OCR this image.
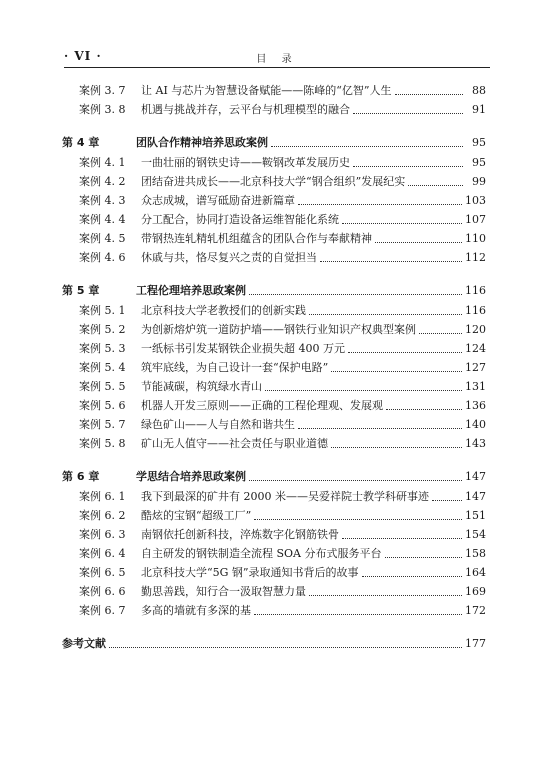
· VI ·	目 录
案例 3. 7	让 AI 与芯片为智慧设备赋能——陈峰的“亿智”人生	88
案例 3. 8	机遇与挑战并存，云平台与机理模型的融合	91
第 4 章	团队合作精神培养思政案例	95
案例 4. 1	一曲壮丽的钢铁史诗——鞍钢改革发展历史	95
案例 4. 2	团结奋进共成长——北京科技大学“钢合组织”发展纪实	99
案例 4. 3	众志成城，谱写砥励奋进新篇章	103
案例 4. 4	分工配合，协同打造设备运维智能化系统	107
案例 4. 5	带钢热连轧精轧机组蕴含的团队合作与奉献精神	110
案例 4. 6	休戚与共，恪尽复兴之责的自觉担当	112
第 5 章	工程伦理培养思政案例	116
案例 5. 1	北京科技大学老教授们的创新实践	116
案例 5. 2	为创新熔炉筑一道防护墙——钢铁行业知识产权典型案例	120
案例 5. 3	一纸标书引发某钢铁企业损失超 400 万元	124
案例 5. 4	筑牢底线，为自己设计一套“保护电路”	127
案例 5. 5	节能减碳，构筑绿水青山	131
案例 5. 6	机器人开发三原则——正确的工程伦理观、发展观	136
案例 5. 7	绿色矿山——人与自然和谐共生	140
案例 5. 8	矿山无人值守——社会责任与职业道德	143
第 6 章	学思结合培养思政案例	147
案例 6. 1	我下到最深的矿井有 2000 米——吴爱祥院士教学科研事迹	147
案例 6. 2	酷炫的宝钢“超级工厂”	151
案例 6. 3	南钢依托创新科技，淬炼数字化钢筋铁骨	154
案例 6. 4	自主研发的钢铁制造全流程 SOA 分布式服务平台	158
案例 6. 5	北京科技大学“5G 钢”录取通知书背后的故事	164
案例 6. 6	勤思善践，知行合一汲取智慧力量	169
案例 6. 7	多高的墙就有多深的基	172
参考文献	177
